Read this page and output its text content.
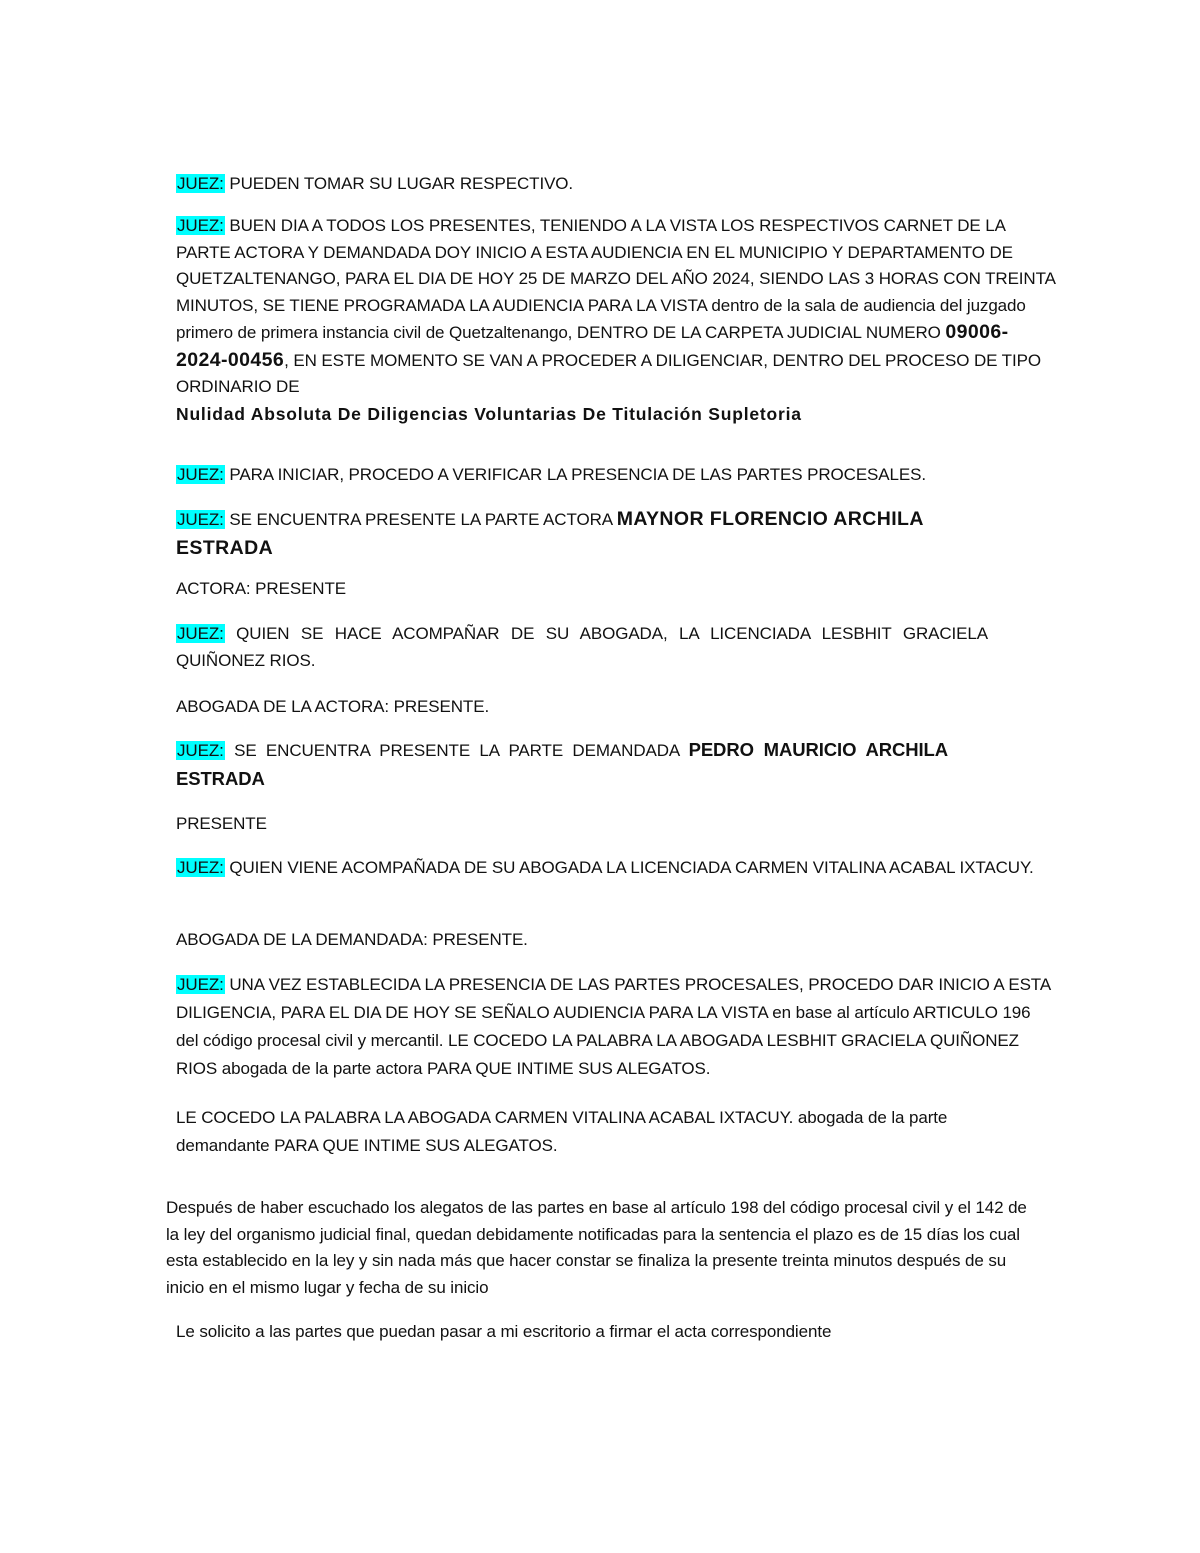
JUEZ: PUEDEN TOMAR SU LUGAR RESPECTIVO.

JUEZ: BUEN DIA A TODOS LOS PRESENTES, TENIENDO A LA VISTA LOS RESPECTIVOS CARNET DE LA PARTE ACTORA Y DEMANDADA DOY INICIO A ESTA AUDIENCIA EN EL MUNICIPIO Y DEPARTAMENTO DE QUETZALTENANGO, PARA EL DIA DE HOY 25 DE MARZO DEL AÑO 2024, SIENDO LAS 3 HORAS CON TREINTA MINUTOS, SE TIENE PROGRAMADA LA AUDIENCIA PARA LA VISTA dentro de la sala de audiencia del juzgado primero de primera instancia civil de Quetzaltenango, DENTRO DE LA CARPETA JUDICIAL NUMERO 09006-2024-00456, EN ESTE MOMENTO SE VAN A PROCEDER A DILIGENCIAR, DENTRO DEL PROCESO DE TIPO ORDINARIO DE
Nulidad Absoluta De Diligencias Voluntarias De Titulación Supletoria

JUEZ: PARA INICIAR, PROCEDO A VERIFICAR LA PRESENCIA DE LAS PARTES PROCESALES.

JUEZ: SE ENCUENTRA PRESENTE LA PARTE ACTORA MAYNOR FLORENCIO ARCHILA ESTRADA

ACTORA: PRESENTE

JUEZ: QUIEN SE HACE ACOMPAÑAR DE SU ABOGADA, LA LICENCIADA LESBHIT GRACIELA QUIÑONEZ RIOS.

ABOGADA DE LA ACTORA: PRESENTE.

JUEZ: SE ENCUENTRA PRESENTE LA PARTE DEMANDADA PEDRO MAURICIO ARCHILA ESTRADA

PRESENTE

JUEZ: QUIEN VIENE ACOMPAÑADA DE SU ABOGADA LA LICENCIADA CARMEN VITALINA ACABAL IXTACUY.

ABOGADA DE LA DEMANDADA: PRESENTE.

JUEZ: UNA VEZ ESTABLECIDA LA PRESENCIA DE LAS PARTES PROCESALES, PROCEDO DAR INICIO A ESTA DILIGENCIA, PARA EL DIA DE HOY SE SEÑALO AUDIENCIA PARA LA VISTA en base al artículo ARTICULO 196 del código procesal civil y mercantil. LE COCEDO LA PALABRA LA ABOGADA LESBHIT GRACIELA QUIÑONEZ RIOS abogada de la parte actora PARA QUE INTIME SUS ALEGATOS.

LE COCEDO LA PALABRA LA ABOGADA CARMEN VITALINA ACABAL IXTACUY. abogada de la parte demandante PARA QUE INTIME SUS ALEGATOS.

Después de haber escuchado los alegatos de las partes en base al artículo 198 del código procesal civil y el 142 de la ley del organismo judicial final, quedan debidamente notificadas para la sentencia el plazo es de 15 días los cual esta establecido en la ley y sin nada más que hacer constar se finaliza la presente treinta minutos después de su inicio en el mismo lugar y fecha de su inicio

Le solicito a las partes que puedan pasar a mi escritorio a firmar el acta correspondiente
